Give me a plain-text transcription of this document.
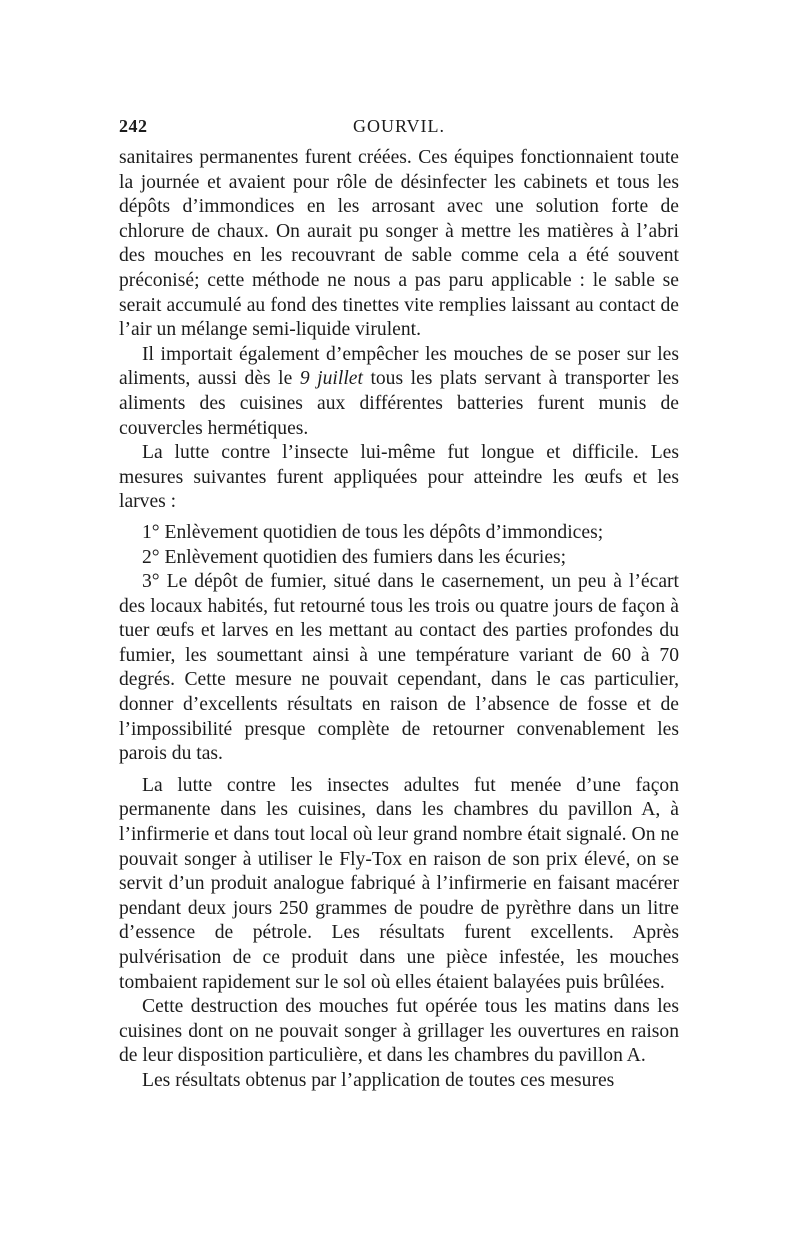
242	GOURVIL.

sanitaires permanentes furent créées. Ces équipes fonctionnaient toute la journée et avaient pour rôle de désinfecter les cabinets et tous les dépôts d’immondices en les arrosant avec une solution forte de chlorure de chaux. On aurait pu songer à mettre les matières à l’abri des mouches en les recouvrant de sable comme cela a été souvent préconisé; cette méthode ne nous a pas paru applicable : le sable se serait accumulé au fond des tinettes vite remplies laissant au contact de l’air un mélange semi-liquide virulent.

Il importait également d’empêcher les mouches de se poser sur les aliments, aussi dès le 9 juillet tous les plats servant à transporter les aliments des cuisines aux différentes batteries furent munis de couvercles hermétiques.

La lutte contre l’insecte lui-même fut longue et difficile. Les mesures suivantes furent appliquées pour atteindre les œufs et les larves :

1° Enlèvement quotidien de tous les dépôts d’immondices;

2° Enlèvement quotidien des fumiers dans les écuries;

3° Le dépôt de fumier, situé dans le casernement, un peu à l’écart des locaux habités, fut retourné tous les trois ou quatre jours de façon à tuer œufs et larves en les mettant au contact des parties profondes du fumier, les soumettant ainsi à une température variant de 60 à 70 degrés. Cette mesure ne pouvait cependant, dans le cas particulier, donner d’excellents résultats en raison de l’absence de fosse et de l’impossibilité presque complète de retourner convenablement les parois du tas.

La lutte contre les insectes adultes fut menée d’une façon permanente dans les cuisines, dans les chambres du pavillon A, à l’infirmerie et dans tout local où leur grand nombre était signalé. On ne pouvait songer à utiliser le Fly-Tox en raison de son prix élevé, on se servit d’un produit analogue fabriqué à l’infirmerie en faisant macérer pendant deux jours 250 grammes de poudre de pyrèthre dans un litre d’essence de pétrole. Les résultats furent excellents. Après pulvérisation de ce produit dans une pièce infestée, les mouches tombaient rapidement sur le sol où elles étaient balayées puis brûlées.

Cette destruction des mouches fut opérée tous les matins dans les cuisines dont on ne pouvait songer à grillager les ouvertures en raison de leur disposition particulière, et dans les chambres du pavillon A.

Les résultats obtenus par l’application de toutes ces mesures
